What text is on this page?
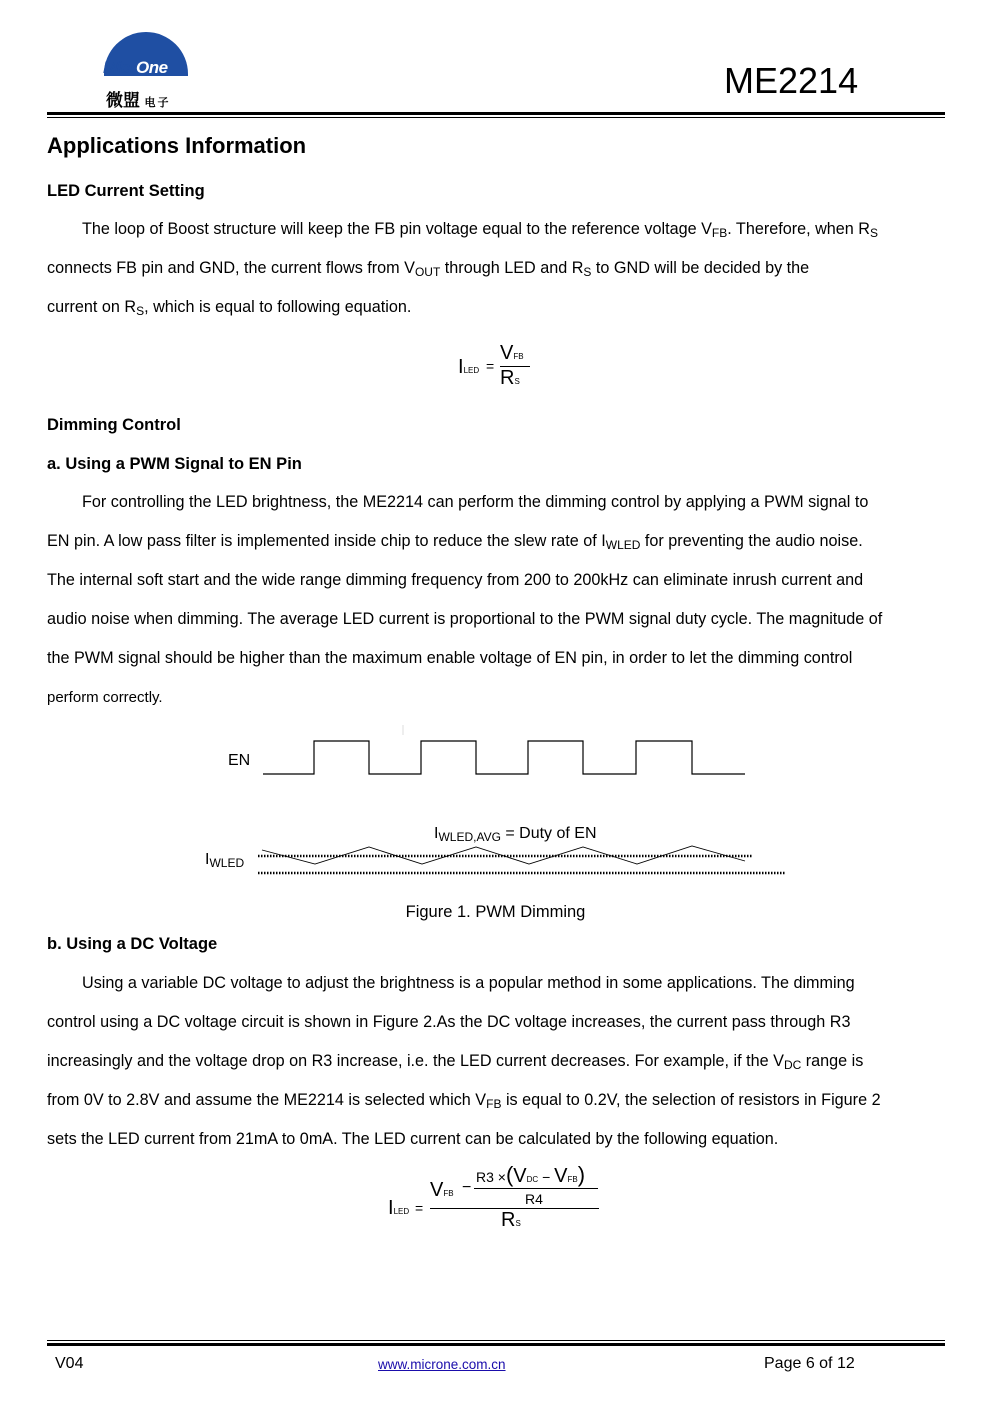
MicrOne
微盟 电子
ME2214
Applications Information
LED Current Setting
The loop of Boost structure will keep the FB pin voltage equal to the reference voltage $V_{FB}$. Therefore, when $R_S$
connects FB pin and GND, the current flows from $V_{OUT}$ through LED and $R_S$ to GND will be decided by the
current on $R_S$, which is equal to following equation.
ILED =
VFB
RS
Dimming Control
a. Using a PWM Signal to EN Pin
For controlling the LED brightness, the ME2214 can perform the dimming control by applying a PWM signal to
EN pin. A low pass filter is implemented inside chip to reduce the slew rate of $I_{WLED}$ for preventing the audio noise.
The internal soft start and the wide range dimming frequency from 200 to 200kHz can eliminate inrush current and
audio noise when dimming. The average LED current is proportional to the PWM signal duty cycle. The magnitude of
the PWM signal should be higher than the maximum enable voltage of EN pin, in order to let the dimming control
perform correctly.
EN
$I_{WLED,AVG}$ = Duty of EN
$I_{WLED}$
Figure 1. PWM Dimming
b. Using a DC Voltage
Using a variable DC voltage to adjust the brightness is a popular method in some applications. The dimming
control using a DC voltage circuit is shown in Figure 2.As the DC voltage increases, the current pass through R3
increasingly and the voltage drop on R3 increase, i.e. the LED current decreases. For example, if the $V_{DC}$ range is
from 0V to 2.8V and assume the ME2214 is selected which $V_{FB}$ is equal to 0.2V, the selection of resistors in Figure 2
sets the LED current from 21mA to 0mA. The LED current can be calculated by the following equation.
ILED =
VFB −
R3 ×(VDC − VFB)
R4
RS
V04	www.microne.com.cn	Page 6 of 12
